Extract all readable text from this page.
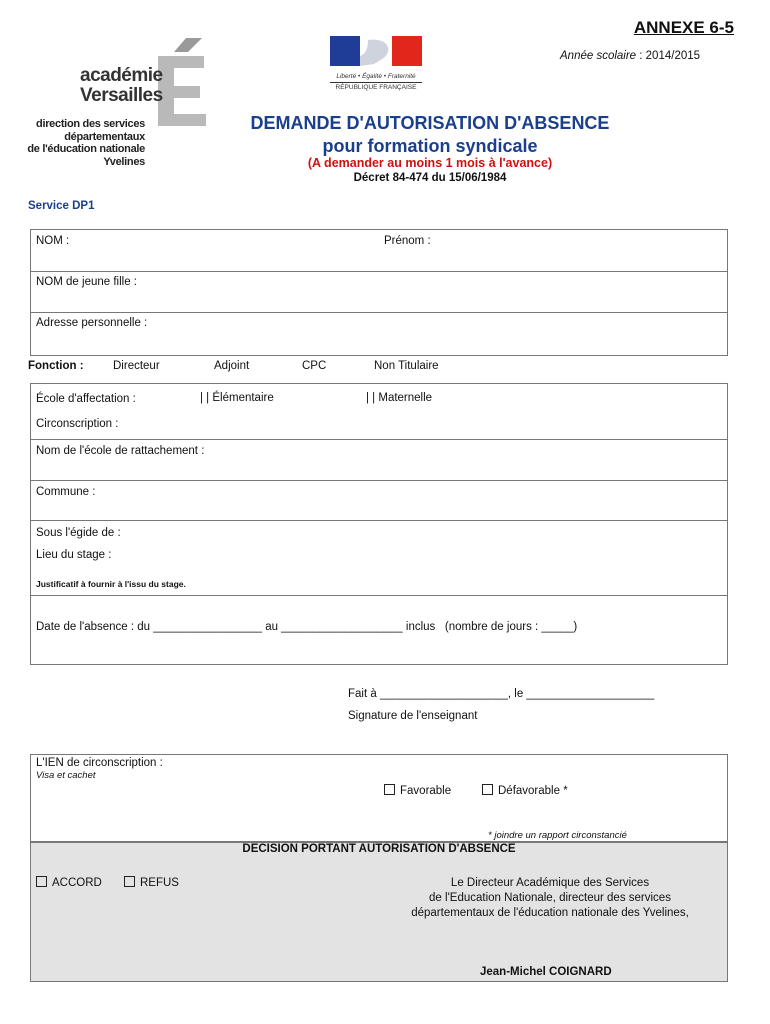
ANNEXE 6-5
Année scolaire : 2014/2015
académie
Versailles
direction des services
départementaux
de l'éducation nationale
Yvelines
Liberté • Égalité • Fraternité
RÉPUBLIQUE FRANÇAISE
DEMANDE D'AUTORISATION D'ABSENCE
pour formation syndicale
(A demander au moins 1 mois à l'avance)
Décret 84-474 du 15/06/1984
Service DP1
NOM :	Prénom :
NOM de jeune fille :
Adresse personnelle :
Fonction :	Directeur	Adjoint	CPC	Non Titulaire
École d'affectation :	| | Élémentaire	| | Maternelle
Circonscription :
Nom de l'école de rattachement :
Commune :
Sous l'égide de :
Lieu du stage :
Justificatif à fournir à l'issu du stage.
Date de l'absence : du _________________ au ___________________ inclus   (nombre de jours : _____)
Fait à ____________________, le ____________________
Signature de l'enseignant
L'IEN de circonscription :
Visa et cachet
Favorable	Défavorable *
* joindre un rapport circonstancié
DECISION PORTANT AUTORISATION D'ABSENCE
ACCORD	REFUS	Le Directeur Académique des Services
de l'Education Nationale, directeur des services
départementaux de l'éducation nationale des Yvelines,
Jean-Michel COIGNARD
